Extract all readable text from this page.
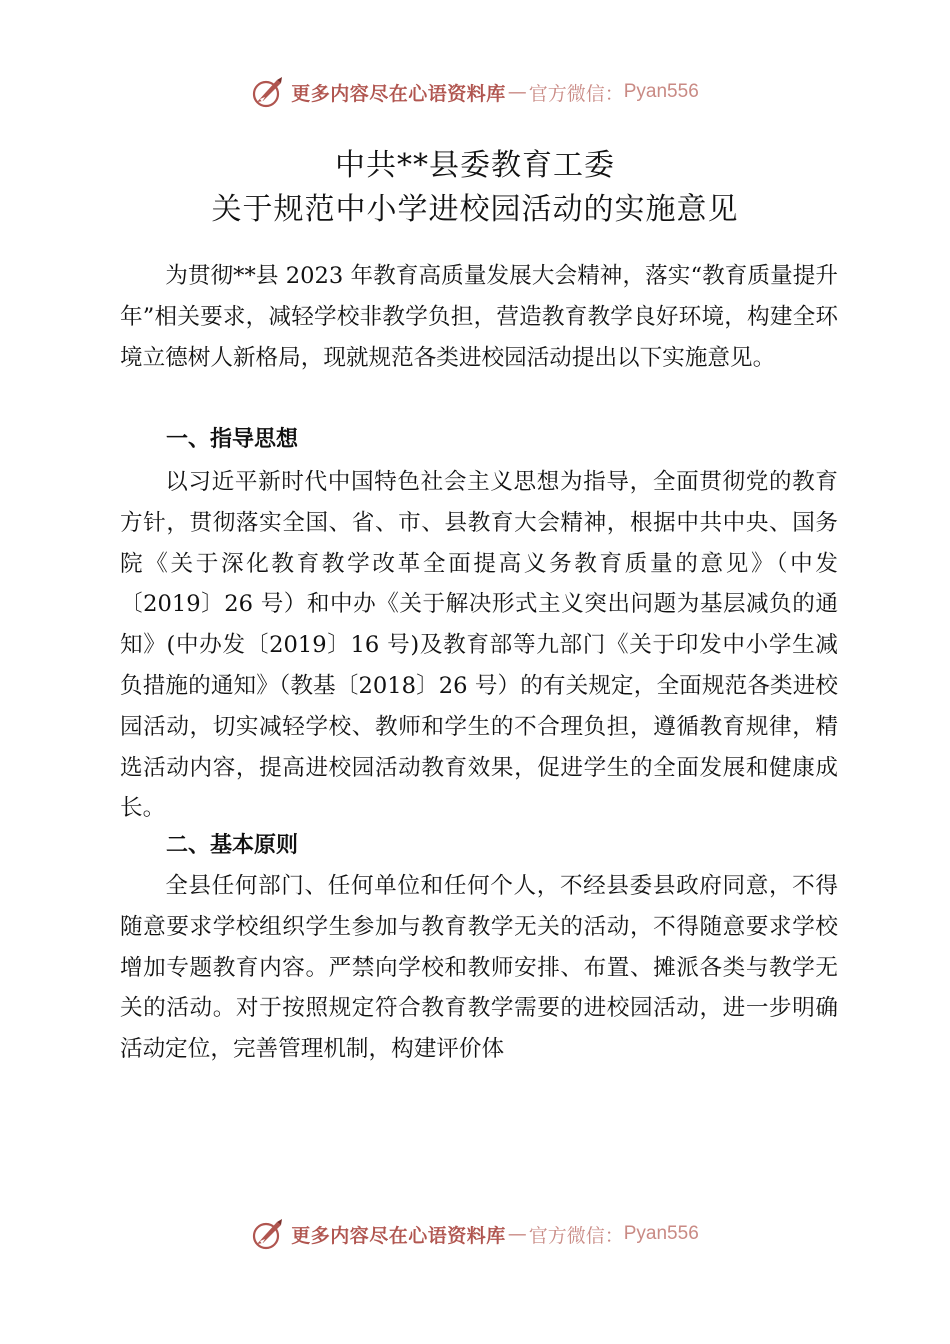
更多内容尽在心语资料库 — 官方微信： Pyan556
中共**县委教育工委
关于规范中小学进校园活动的实施意见

为贯彻**县 2023 年教育高质量发展大会精神，落实“教育质量提升年”相关要求，减轻学校非教学负担，营造教育教学良好环境，构建全环境立德树人新格局，现就规范各类进校园活动提出以下实施意见。

一、指导思想

以习近平新时代中国特色社会主义思想为指导，全面贯彻党的教育方针，贯彻落实全国、省、市、县教育大会精神，根据中共中央、国务院《关于深化教育教学改革全面提高义务教育质量的意见》（中发〔2019〕26 号）和中办《关于解决形式主义突出问题为基层减负的通知》(中办发〔2019〕16 号)及教育部等九部门《关于印发中小学生减负措施的通知》（教基〔2018〕26 号）的有关规定，全面规范各类进校园活动，切实减轻学校、教师和学生的不合理负担，遵循教育规律，精选活动内容，提高进校园活动教育效果，促进学生的全面发展和健康成长。

二、基本原则

全县任何部门、任何单位和任何个人，不经县委县政府同意，不得随意要求学校组织学生参加与教育教学无关的活动，不得随意要求学校增加专题教育内容。严禁向学校和教师安排、布置、摊派各类与教学无关的活动。对于按照规定符合教育教学需要的进校园活动，进一步明确活动定位，完善管理机制，构建评价体

更多内容尽在心语资料库 — 官方微信： Pyan556
